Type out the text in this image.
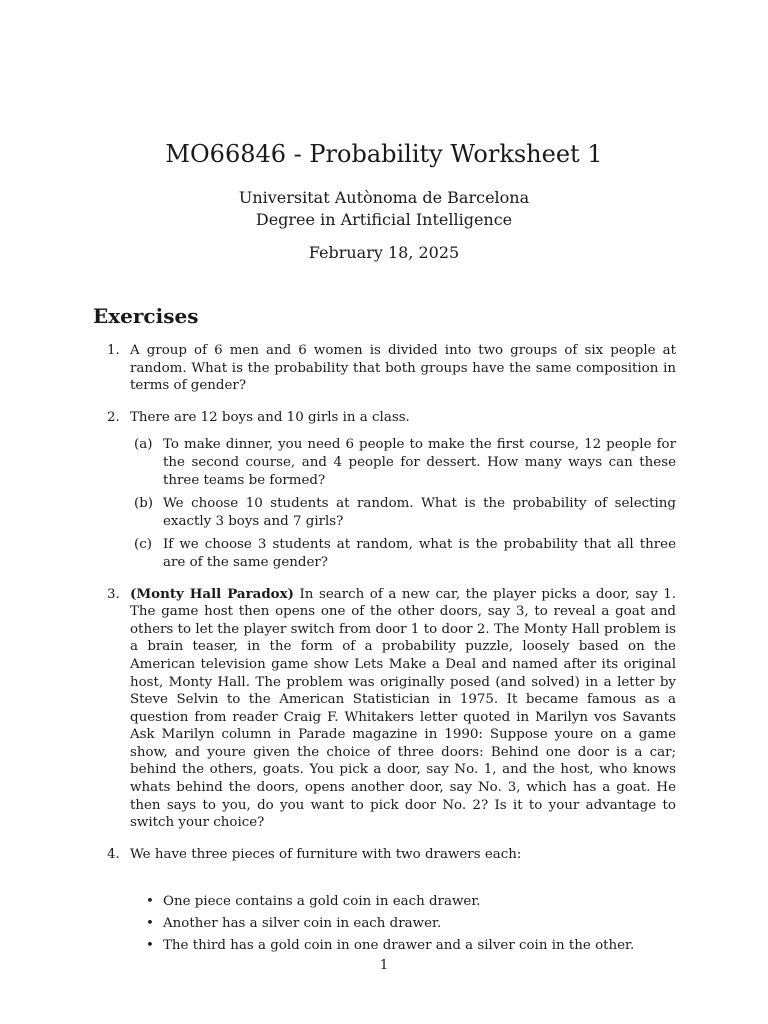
MO66846 - Probability Worksheet 1
Universitat Autònoma de Barcelona
Degree in Artificial Intelligence
February 18, 2025
Exercises
1. A group of 6 men and 6 women is divided into two groups of six people at random. What is the probability that both groups have the same composition in terms of gender?

2. There are 12 boys and 10 girls in a class.

(a) To make dinner, you need 6 people to make the first course, 12 people for the second course, and 4 people for dessert. How many ways can these three teams be formed?

(b) We choose 10 students at random. What is the probability of selecting exactly 3 boys and 7 girls?

(c) If we choose 3 students at random, what is the probability that all three are of the same gender?

3. (Monty Hall Paradox) In search of a new car, the player picks a door, say 1. The game host then opens one of the other doors, say 3, to reveal a goat and others to let the player switch from door 1 to door 2. The Monty Hall problem is a brain teaser, in the form of a probability puzzle, loosely based on the American television game show Lets Make a Deal and named after its original host, Monty Hall. The problem was originally posed (and solved) in a letter by Steve Selvin to the American Statistician in 1975. It became famous as a question from reader Craig F. Whitakers letter quoted in Marilyn vos Savants Ask Marilyn column in Parade magazine in 1990: Suppose youre on a game show, and youre given the choice of three doors: Behind one door is a car; behind the others, goats. You pick a door, say No. 1, and the host, who knows whats behind the doors, opens another door, say No. 3, which has a goat. He then says to you, do you want to pick door No. 2? Is it to your advantage to switch your choice?

4. We have three pieces of furniture with two drawers each:

• One piece contains a gold coin in each drawer.
• Another has a silver coin in each drawer.
• The third has a gold coin in one drawer and a silver coin in the other.
1
